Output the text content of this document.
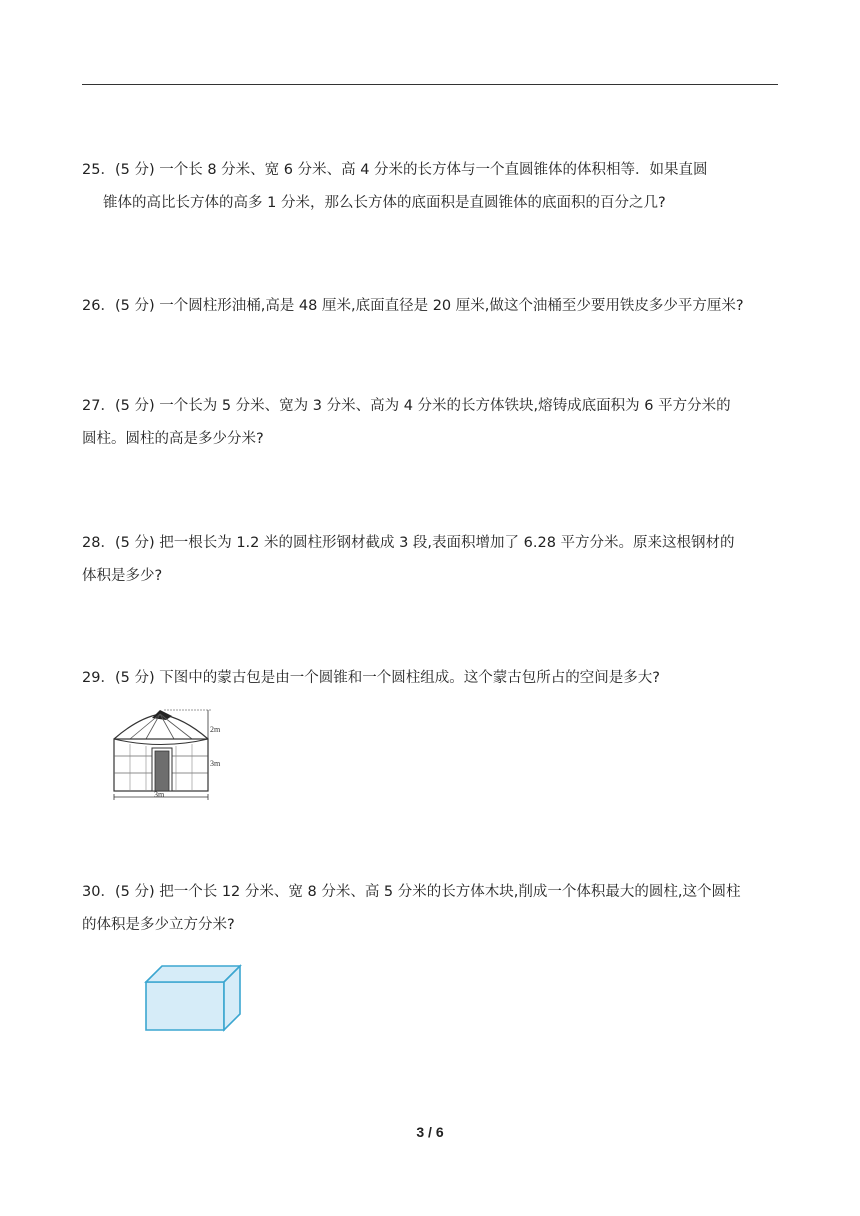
25．(5 分) 一个长 8 分米、宽 6 分米、高 4 分米的长方体与一个直圆锥体的体积相等．如果直圆
锥体的高比长方体的高多 1 分米，那么长方体的底面积是直圆锥体的底面积的百分之几?
26．(5 分) 一个圆柱形油桶,高是 48 厘米,底面直径是 20 厘米,做这个油桶至少要用铁皮多少平方厘米?
27．(5 分) 一个长为 5 分米、宽为 3 分米、高为 4 分米的长方体铁块,熔铸成底面积为 6 平方分米的
圆柱。圆柱的高是多少分米?
28．(5 分) 把一根长为 1.2 米的圆柱形钢材截成 3 段,表面积增加了 6.28 平方分米。原来这根钢材的
体积是多少?
29．(5 分) 下图中的蒙古包是由一个圆锥和一个圆柱组成。这个蒙古包所占的空间是多大?
2m
3m
3m
30．(5 分) 把一个长 12 分米、宽 8 分米、高 5 分米的长方体木块,削成一个体积最大的圆柱,这个圆柱
的体积是多少立方分米?
3 / 6
